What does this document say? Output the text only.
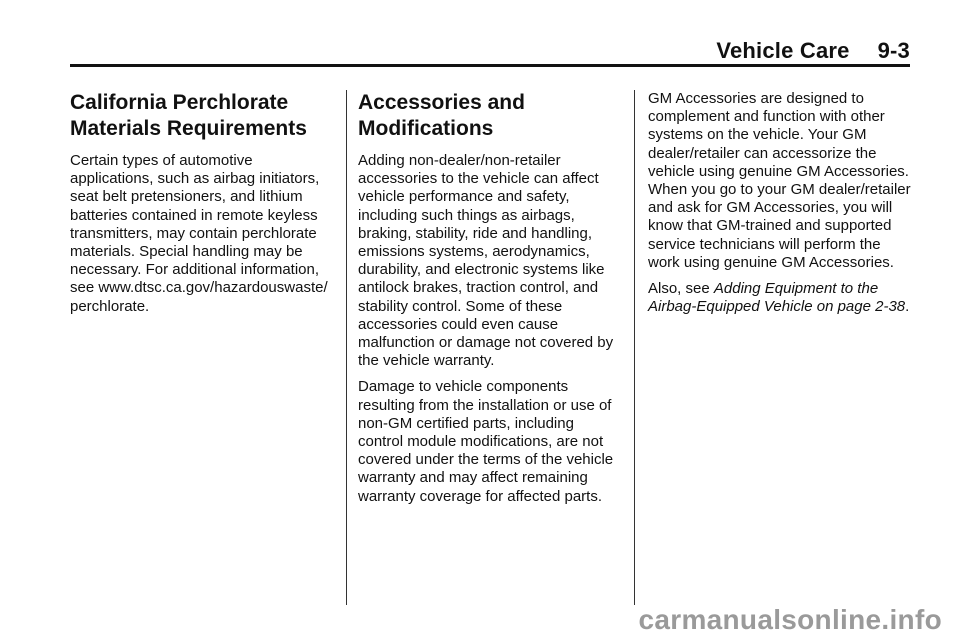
Vehicle Care 9-3
California Perchlorate
Materials Requirements

Certain types of automotive applications, such as airbag initiators, seat belt pretensioners, and lithium batteries contained in remote keyless transmitters, may contain perchlorate materials. Special handling may be necessary. For additional information, see www.dtsc.ca.gov/hazardouswaste/ perchlorate.

Accessories and
Modifications

Adding non-dealer/non-retailer accessories to the vehicle can affect vehicle performance and safety, including such things as airbags, braking, stability, ride and handling, emissions systems, aerodynamics, durability, and electronic systems like antilock brakes, traction control, and stability control. Some of these accessories could even cause malfunction or damage not covered by the vehicle warranty.

Damage to vehicle components resulting from the installation or use of non-GM certified parts, including control module modifications, are not covered under the terms of the vehicle warranty and may affect remaining warranty coverage for affected parts.

GM Accessories are designed to complement and function with other systems on the vehicle. Your GM dealer/retailer can accessorize the vehicle using genuine GM Accessories. When you go to your GM dealer/retailer and ask for GM Accessories, you will know that GM-trained and supported service technicians will perform the work using genuine GM Accessories.

Also, see Adding Equipment to the Airbag-Equipped Vehicle on page 2-38.

carmanualsonline.info
